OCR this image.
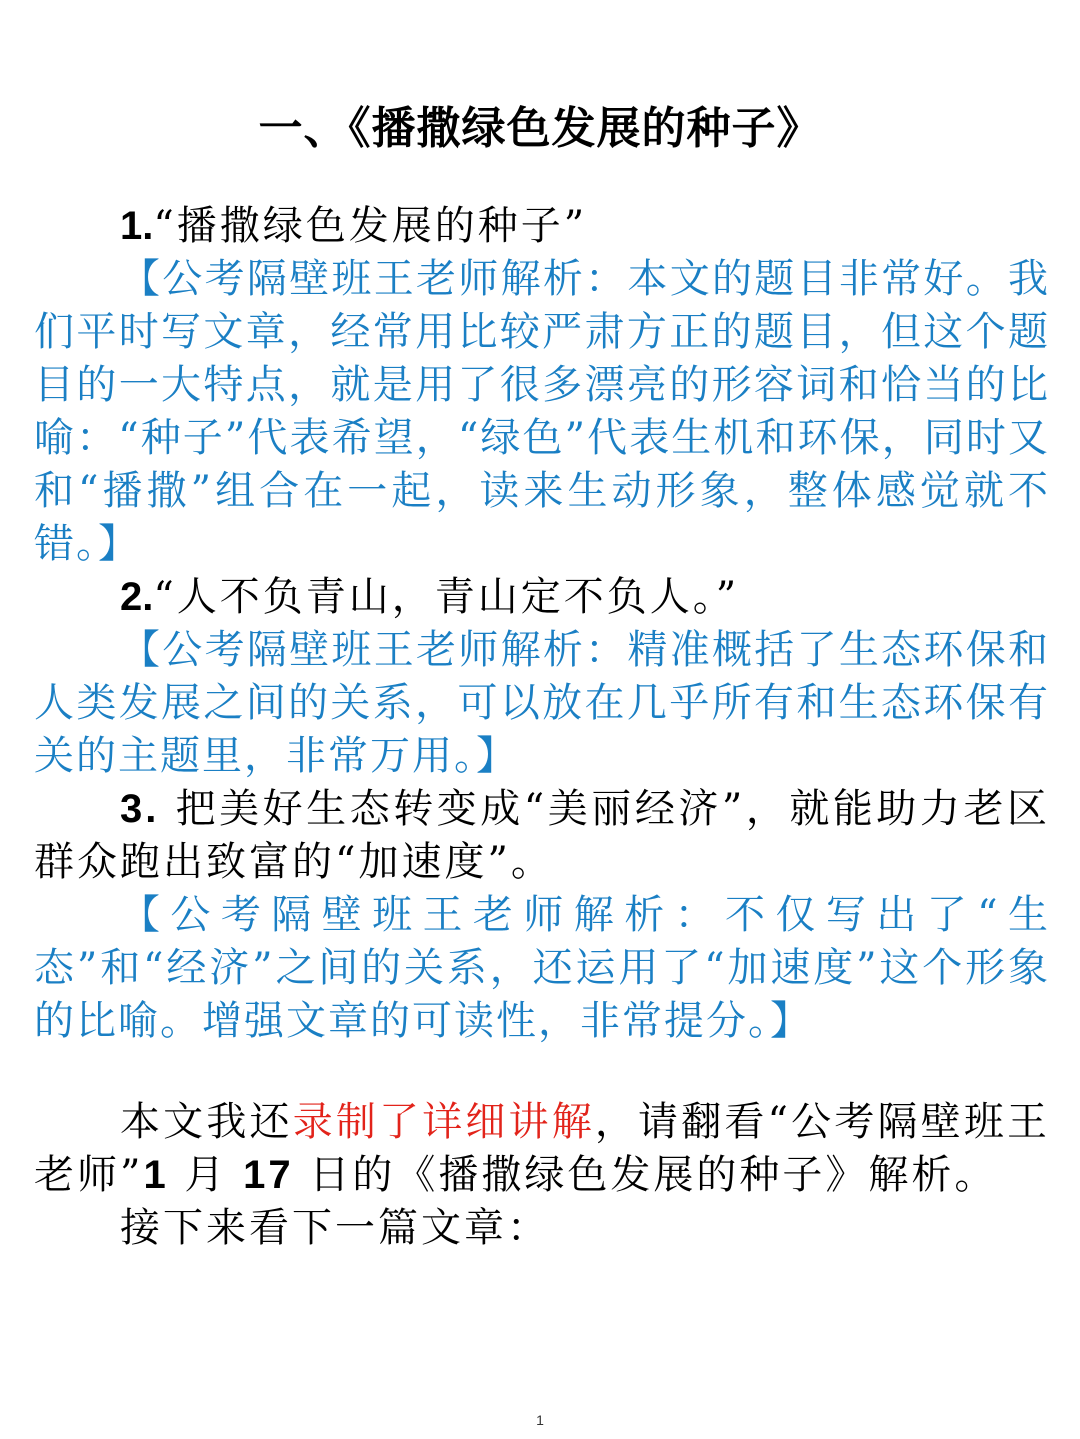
一、《播撒绿色发展的种子》
1.“播撒绿色发展的种子”
【公考隔壁班王老师解析：本文的题目非常好。我们平时写文章，经常用比较严肃方正的题目，但这个题目的一大特点，就是用了很多漂亮的形容词和恰当的比喻：“种子”代表希望，“绿色”代表生机和环保，同时又和“播撒”组合在一起，读来生动形象，整体感觉就不错。】
2.“人不负青山，青山定不负人。”
【公考隔壁班王老师解析：精准概括了生态环保和人类发展之间的关系，可以放在几乎所有和生态环保有关的主题里，非常万用。】
3. 把美好生态转变成“美丽经济”，就能助力老区群众跑出致富的“加速度”。
【公考隔壁班王老师解析：不仅写出了“生态”和“经济”之间的关系，还运用了“加速度”这个形象的比喻。增强文章的可读性，非常提分。】
本文我还录制了详细讲解，请翻看“公考隔壁班王老师”1 月 17 日的《播撒绿色发展的种子》解析。
接下来看下一篇文章：
1
